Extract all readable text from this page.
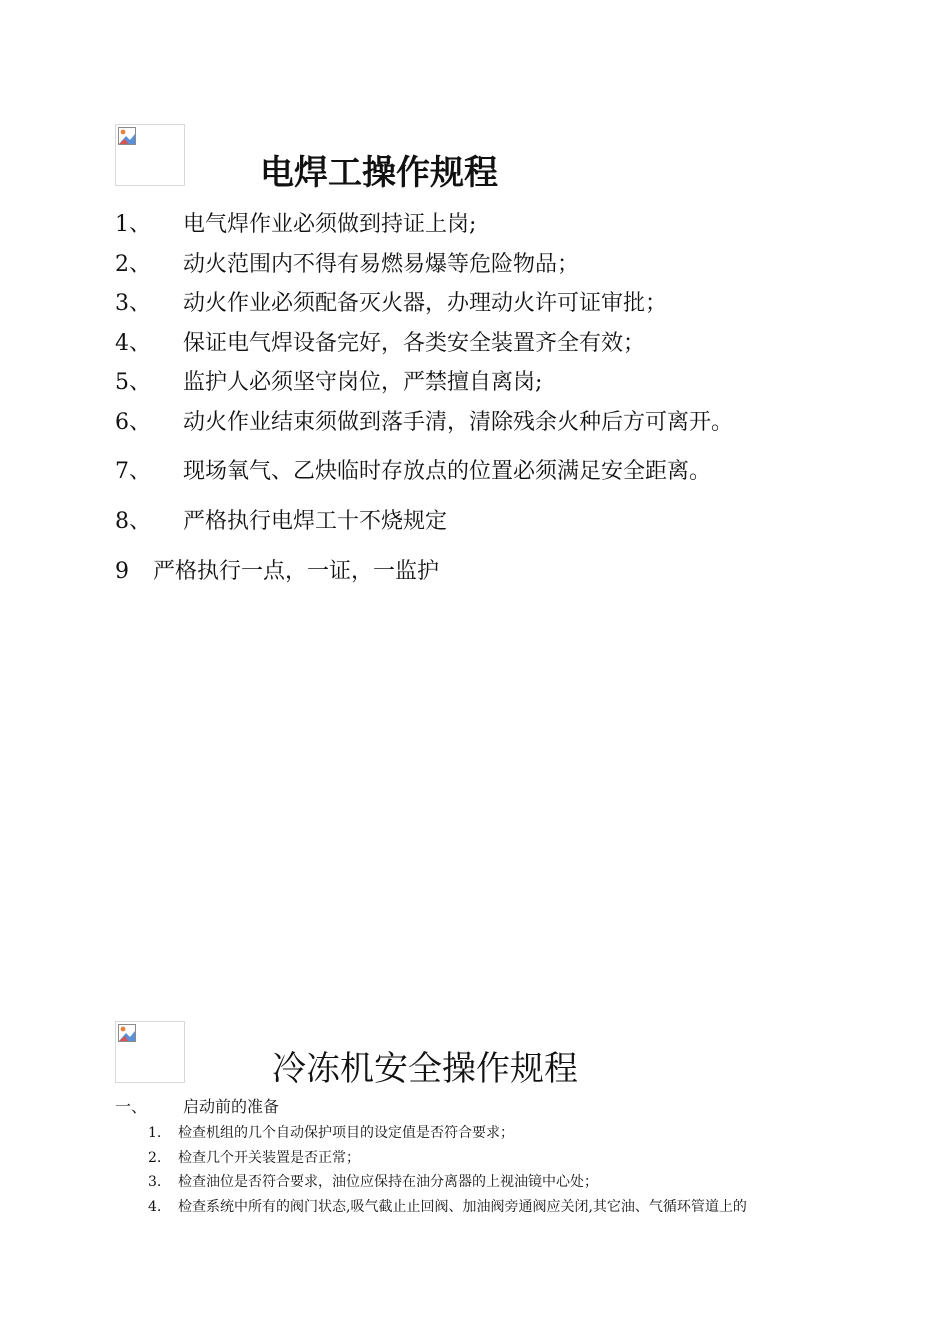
电焊工操作规程
1、 电气焊作业必须做到持证上岗;
2、 动火范围内不得有易燃易爆等危险物品；
3、 动火作业必须配备灭火器，办理动火许可证审批；
4、 保证电气焊设备完好，各类安全装置齐全有效；
5、 监护人必须坚守岗位，严禁擅自离岗;
6、 动火作业结束须做到落手清，清除残余火种后方可离开。
7、 现场氧气、乙炔临时存放点的位置必须满足安全距离。
8、 严格执行电焊工十不烧规定
9 严格执行一点，一证，一监护
冷冻机安全操作规程
一、 启动前的准备
1. 检查机组的几个自动保护项目的设定值是否符合要求；
2. 检查几个开关装置是否正常；
3. 检查油位是否符合要求，油位应保持在油分离器的上视油镜中心处；
4. 检查系统中所有的阀门状态,吸气截止止回阀、加油阀旁通阀应关闭,其它油、气循环管道上的
